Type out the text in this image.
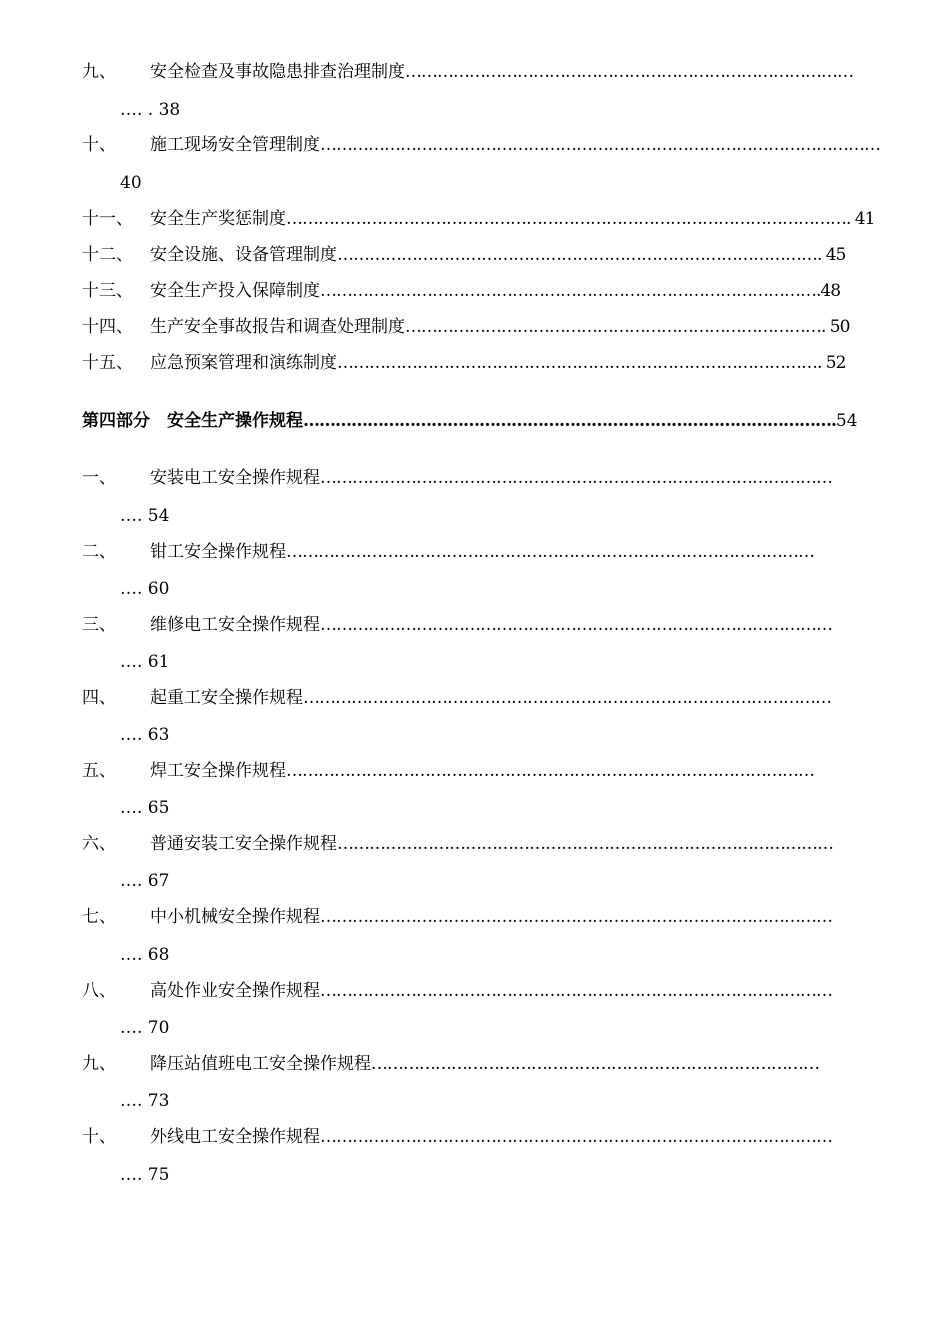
九、 安全检查及事故隐患排查治理制度…………………………………………………………………………
…. . 38
十、 施工现场安全管理制度……………………………………………………………………………………………
40
十一、 安全生产奖惩制度……………………………………………………………………………………………. 41
十二、 安全设施、设备管理制度………………………………………………………………………………. 45
十三、 安全生产投入保障制度………………………………………………………………………………….48
十四、 生产安全事故报告和调查处理制度……………………………………………………………………. 50
十五、 应急预案管理和演练制度………………………………………………………………………………. 52
第四部分　安全生产操作规程……………………………………………………………………………………….54
一、 安装电工安全操作规程……………………………………………………………………………………
…. 54
二、 钳工安全操作规程………………………………………………………………………………………
…. 60
三、 维修电工安全操作规程……………………………………………………………………………………
…. 61
四、 起重工安全操作规程………………………………………………………………………………………
…. 63
五、 焊工安全操作规程………………………………………………………………………………………
…. 65
六、 普通安装工安全操作规程…………………………………………………………………………………
…. 67
七、 中小机械安全操作规程……………………………………………………………………………………
…. 68
八、 高处作业安全操作规程……………………………………………………………………………………
…. 70
九、 降压站值班电工安全操作规程…………………………………………………………………………
…. 73
十、 外线电工安全操作规程……………………………………………………………………………………
…. 75
